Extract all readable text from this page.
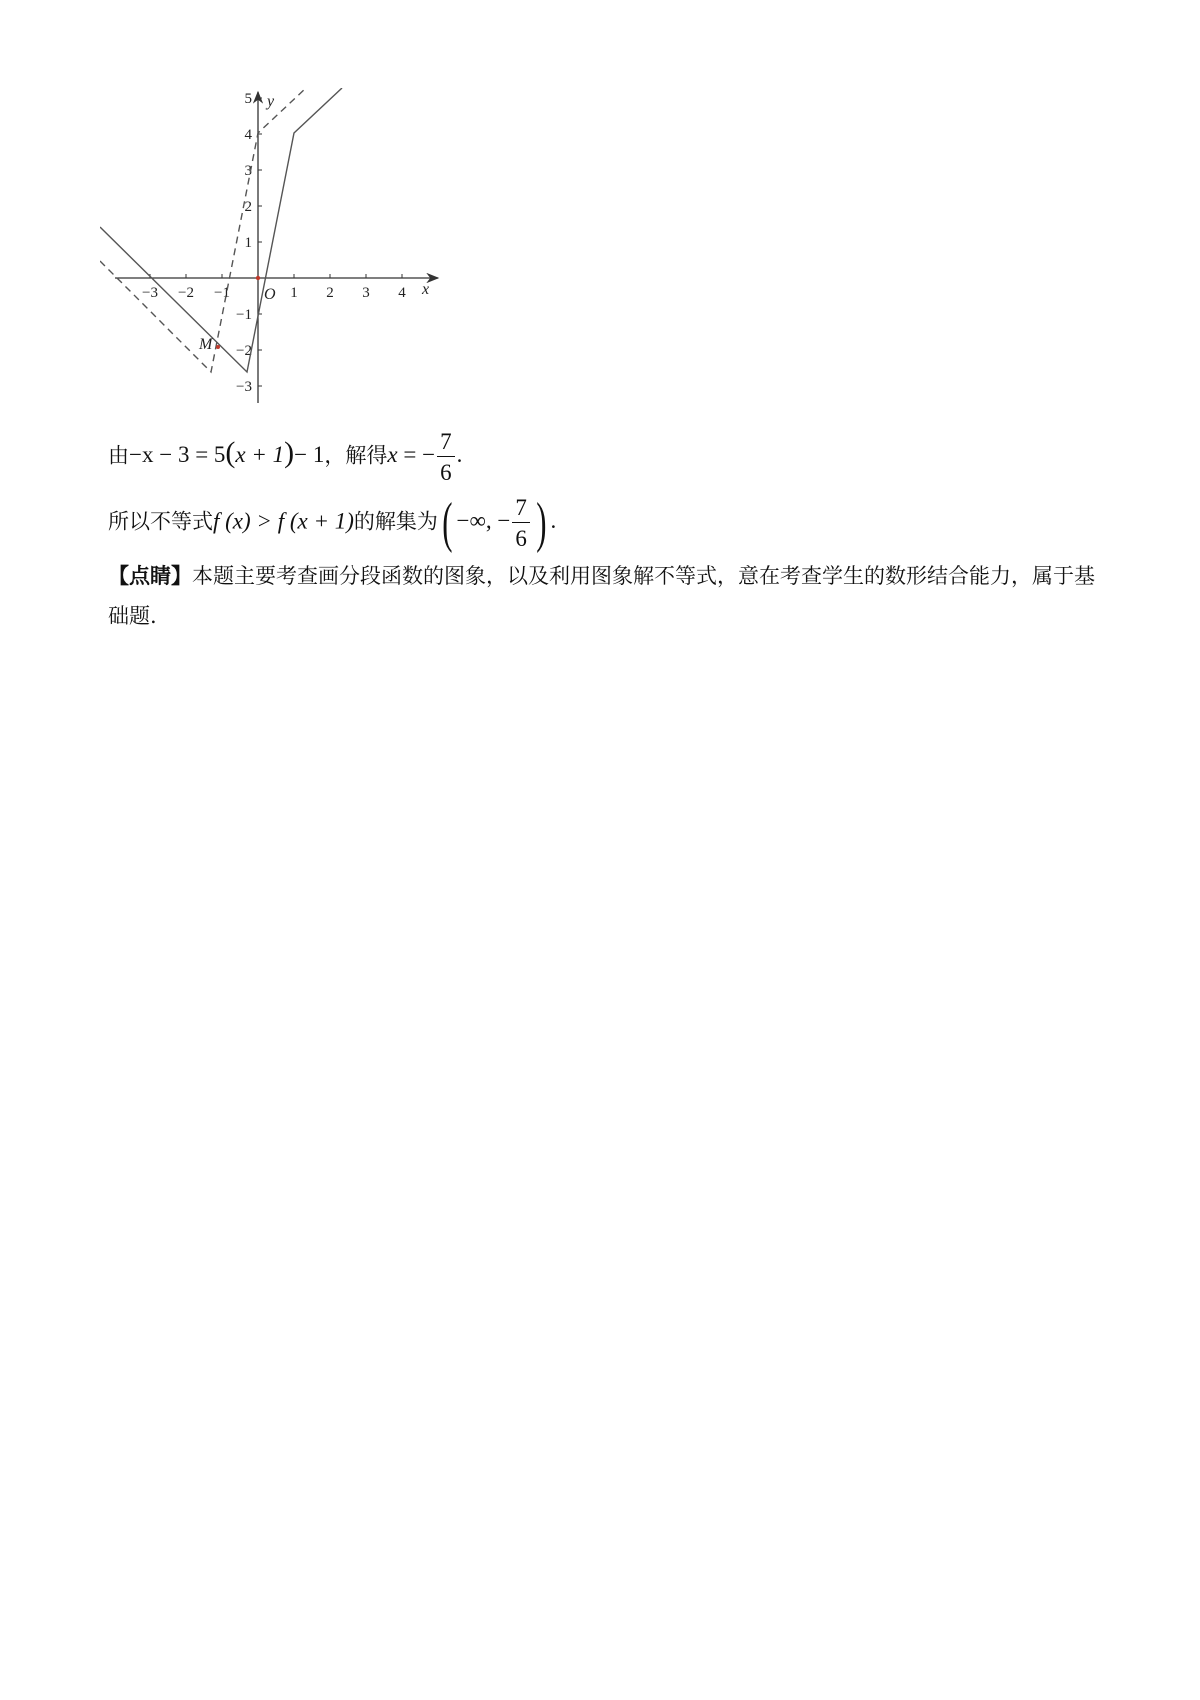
−3 −2 −1	1 2 3 4
5
4
3
2
1
−1
−2
−3
x
y
O
M
由−x − 3 = 5(x + 1)− 1，解得x = − $\frac{7}{6}$ .
所以不等式f (x) > f (x + 1)的解集为( −∞, − $\frac{7}{6}$ ) .
【点睛】本题主要考查画分段函数的图象，以及利用图象解不等式，意在考查学生的数形结合能力，属于基础题.
